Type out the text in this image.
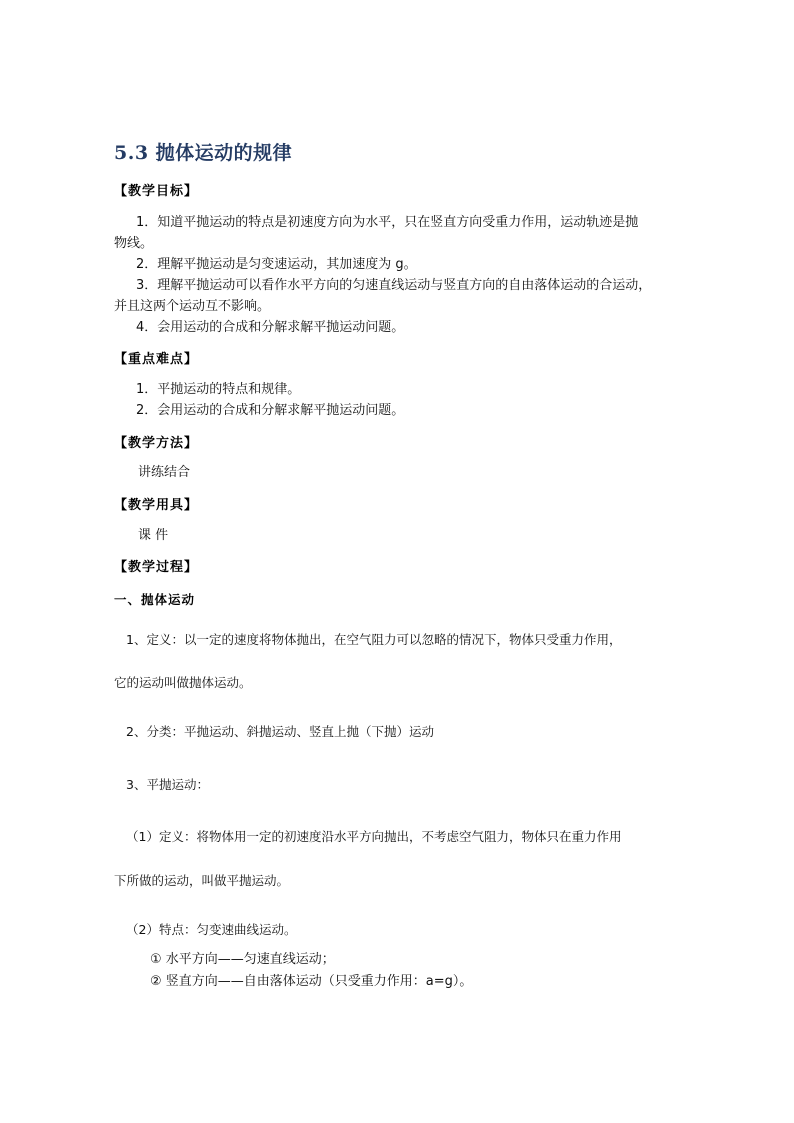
5.3 抛体运动的规律
【教学目标】
1．知道平抛运动的特点是初速度方向为水平，只在竖直方向受重力作用，运动轨迹是抛
物线。
2．理解平抛运动是匀变速运动，其加速度为 g。
3．理解平抛运动可以看作水平方向的匀速直线运动与竖直方向的自由落体运动的合运动，
并且这两个运动互不影响。
4．会用运动的合成和分解求解平抛运动问题。
【重点难点】
1．平抛运动的特点和规律。
2．会用运动的合成和分解求解平抛运动问题。
【教学方法】
讲练结合
【教学用具】
课 件
【教学过程】
一、抛体运动
1、定义：以一定的速度将物体抛出，在空气阻力可以忽略的情况下，物体只受重力作用，
它的运动叫做抛体运动。
2、分类：平抛运动、斜抛运动、竖直上抛（下抛）运动
3、平抛运动：
（1）定义：将物体用一定的初速度沿水平方向抛出，不考虑空气阻力，物体只在重力作用
下所做的运动，叫做平抛运动。
（2）特点：匀变速曲线运动。
① 水平方向——匀速直线运动；
② 竖直方向——自由落体运动（只受重力作用：a=g）。
